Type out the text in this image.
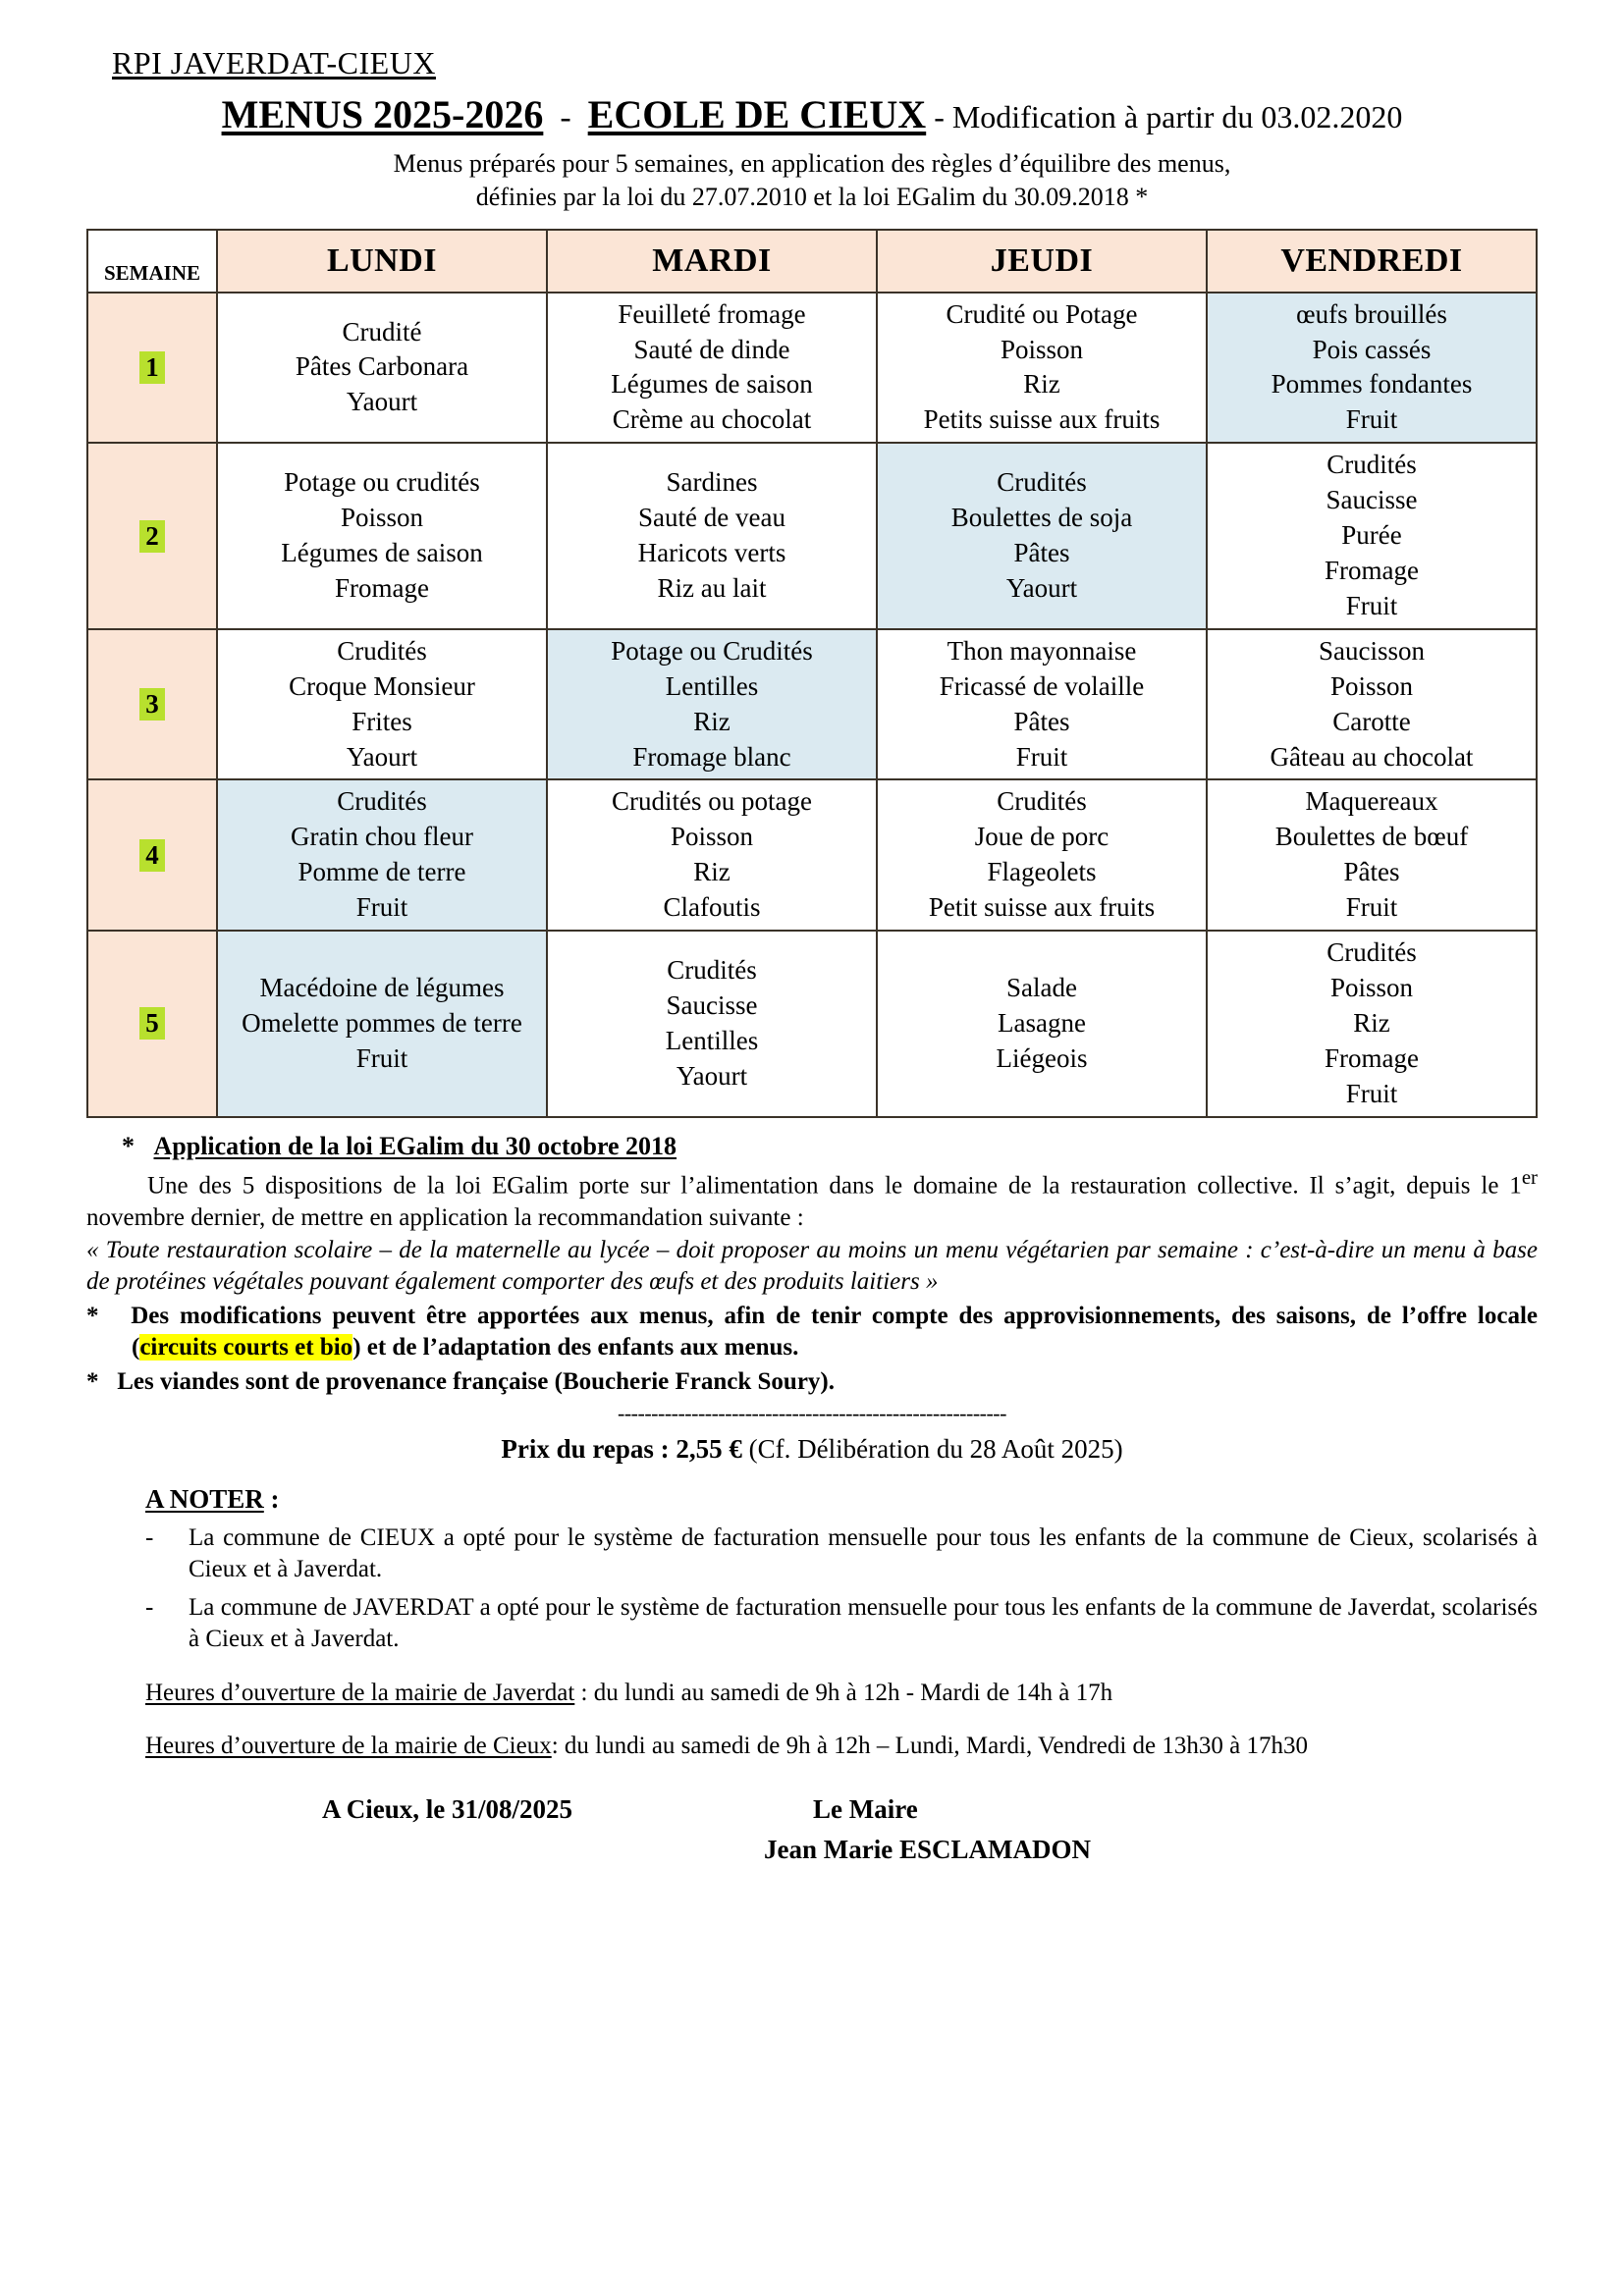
RPI JAVERDAT-CIEUX
MENUS 2025-2026 - ECOLE DE CIEUX - Modification à partir du 03.02.2020
Menus préparés pour 5 semaines, en application des règles d’équilibre des menus,
définies par la loi du 27.07.2010 et la loi EGalim du 30.09.2018 *
SEMAINE	LUNDI	MARDI	JEUDI	VENDREDI
1	Crudité
Pâtes Carbonara
Yaourt	Feuilleté fromage
Sauté de dinde
Légumes de saison
Crème au chocolat	Crudité ou Potage
Poisson
Riz
Petits suisse aux fruits	œufs brouillés
Pois cassés
Pommes fondantes
Fruit

2	Potage ou crudités
Poisson
Légumes de saison
Fromage	Sardines
Sauté de veau
Haricots verts
Riz au lait	Crudités
Boulettes de soja
Pâtes
Yaourt	Crudités
Saucisse
Purée
Fromage
Fruit

3	Crudités
Croque Monsieur
Frites
Yaourt	Potage ou Crudités
Lentilles
Riz
Fromage blanc	Thon mayonnaise
Fricassé de volaille
Pâtes
Fruit	Saucisson
Poisson
Carotte
Gâteau au chocolat

4	Crudités
Gratin chou fleur
Pomme de terre
Fruit	Crudités ou potage
Poisson
Riz
Clafoutis	Crudités
Joue de porc
Flageolets
Petit suisse aux fruits	Maquereaux
Boulettes de bœuf
Pâtes
Fruit

5	Macédoine de légumes
Omelette pommes de terre
Fruit	Crudités
Saucisse
Lentilles
Yaourt	Salade
Lasagne
Liégeois	Crudités
Poisson
Riz
Fromage
Fruit
* Application de la loi EGalim du 30 octobre 2018

Une des 5 dispositions de la loi EGalim porte sur l’alimentation dans le domaine de la restauration collective. Il s’agit, depuis le 1er novembre dernier, de mettre en application la recommandation suivante :

« Toute restauration scolaire – de la maternelle au lycée – doit proposer au moins un menu végétarien par semaine : c’est-à-dire un menu à base de protéines végétales pouvant également comporter des œufs et des produits laitiers »

* Des modifications peuvent être apportées aux menus, afin de tenir compte des approvisionnements, des saisons, de l’offre locale (circuits courts et bio) et de l’adaptation des enfants aux menus.

* Les viandes sont de provenance française (Boucherie Franck Soury).

----------------------------------------------------------
Prix du repas : 2,55 € (Cf. Délibération du 28 Août 2025)
A NOTER :
- La commune de CIEUX a opté pour le système de facturation mensuelle pour tous les enfants de la commune de Cieux, scolarisés à Cieux et à Javerdat.
- La commune de JAVERDAT a opté pour le système de facturation mensuelle pour tous les enfants de la commune de Javerdat, scolarisés à Cieux et à Javerdat.
Heures d’ouverture de la mairie de Javerdat : du lundi au samedi de 9h à 12h - Mardi de 14h à 17h
Heures d’ouverture de la mairie de Cieux: du lundi au samedi de 9h à 12h – Lundi, Mardi, Vendredi de 13h30 à 17h30
A Cieux, le 31/08/2025	Le Maire
Jean Marie ESCLAMADON
